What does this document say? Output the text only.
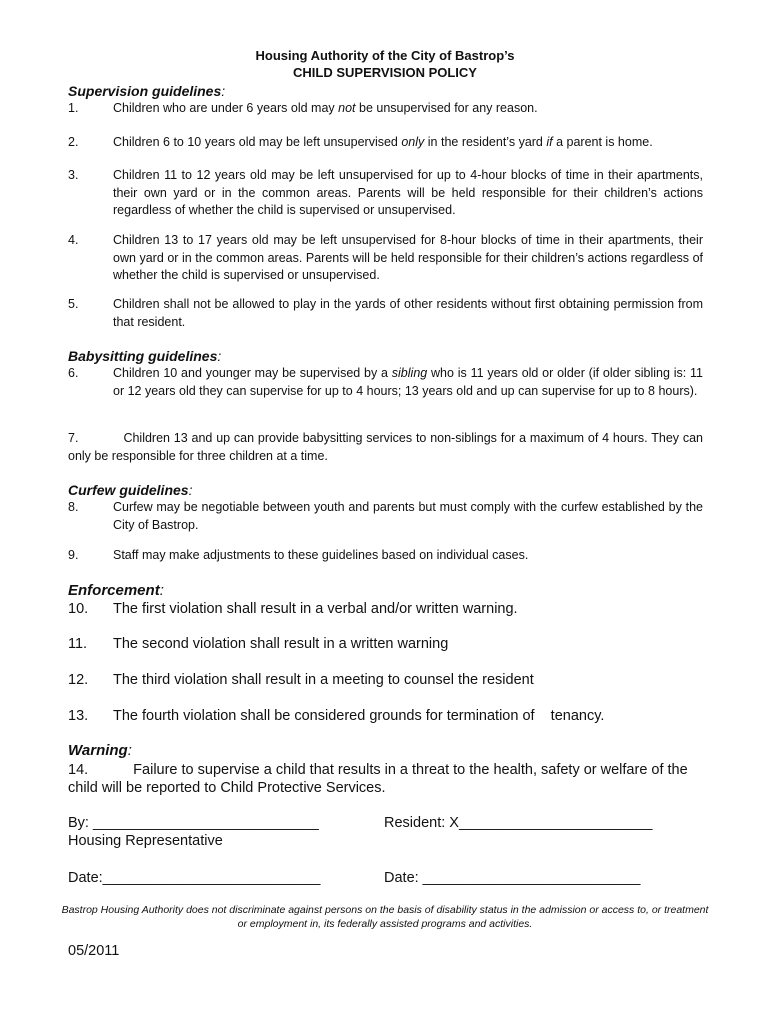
Housing Authority of the City of Bastrop’s
CHILD SUPERVISION POLICY
Supervision guidelines:
1.	Children who are under 6 years old may not be unsupervised for any reason.
2.	Children 6 to 10 years old may be left unsupervised only in the resident’s yard if a parent is home.
3.	Children 11 to 12 years old may be left unsupervised for up to 4-hour blocks of time in their apartments, their own yard or in the common areas. Parents will be held responsible for their children’s actions regardless of whether the child is supervised or unsupervised.
4.	Children 13 to 17 years old may be left unsupervised for 8-hour blocks of time in their apartments, their own yard or in the common areas. Parents will be held responsible for their children’s actions regardless of whether the child is supervised or unsupervised.
5.	Children shall not be allowed to play in the yards of other residents without first obtaining permission from that resident.
Babysitting guidelines:
6.	Children 10 and younger may be supervised by a sibling who is 11 years old or older (if older sibling is: 11 or 12 years old they can supervise for up to 4 hours; 13 years old and up can supervise for up to 8 hours).
7.	Children 13 and up can provide babysitting services to non-siblings for a maximum of 4 hours. They can only be responsible for three children at a time.
Curfew guidelines:
8.	Curfew may be negotiable between youth and parents but must comply with the curfew established by the City of Bastrop.
9.	Staff may make adjustments to these guidelines based on individual cases.
Enforcement:
10. The first violation shall result in a verbal and/or written warning.
11. The second violation shall result in a written warning
12. The third violation shall result in a meeting to counsel the resident
13. The fourth violation shall be considered grounds for termination of    tenancy.
Warning:
14.	Failure to supervise a child that results in a threat to the health, safety or welfare of the child will be reported to Child Protective Services.
By: ____________________________	Resident: X________________________
Housing Representative
Date:___________________________	Date: ___________________________
Bastrop Housing Authority does not discriminate against persons on the basis of disability status in the admission or access to, or treatment or employment in, its federally assisted programs and activities.
05/2011
